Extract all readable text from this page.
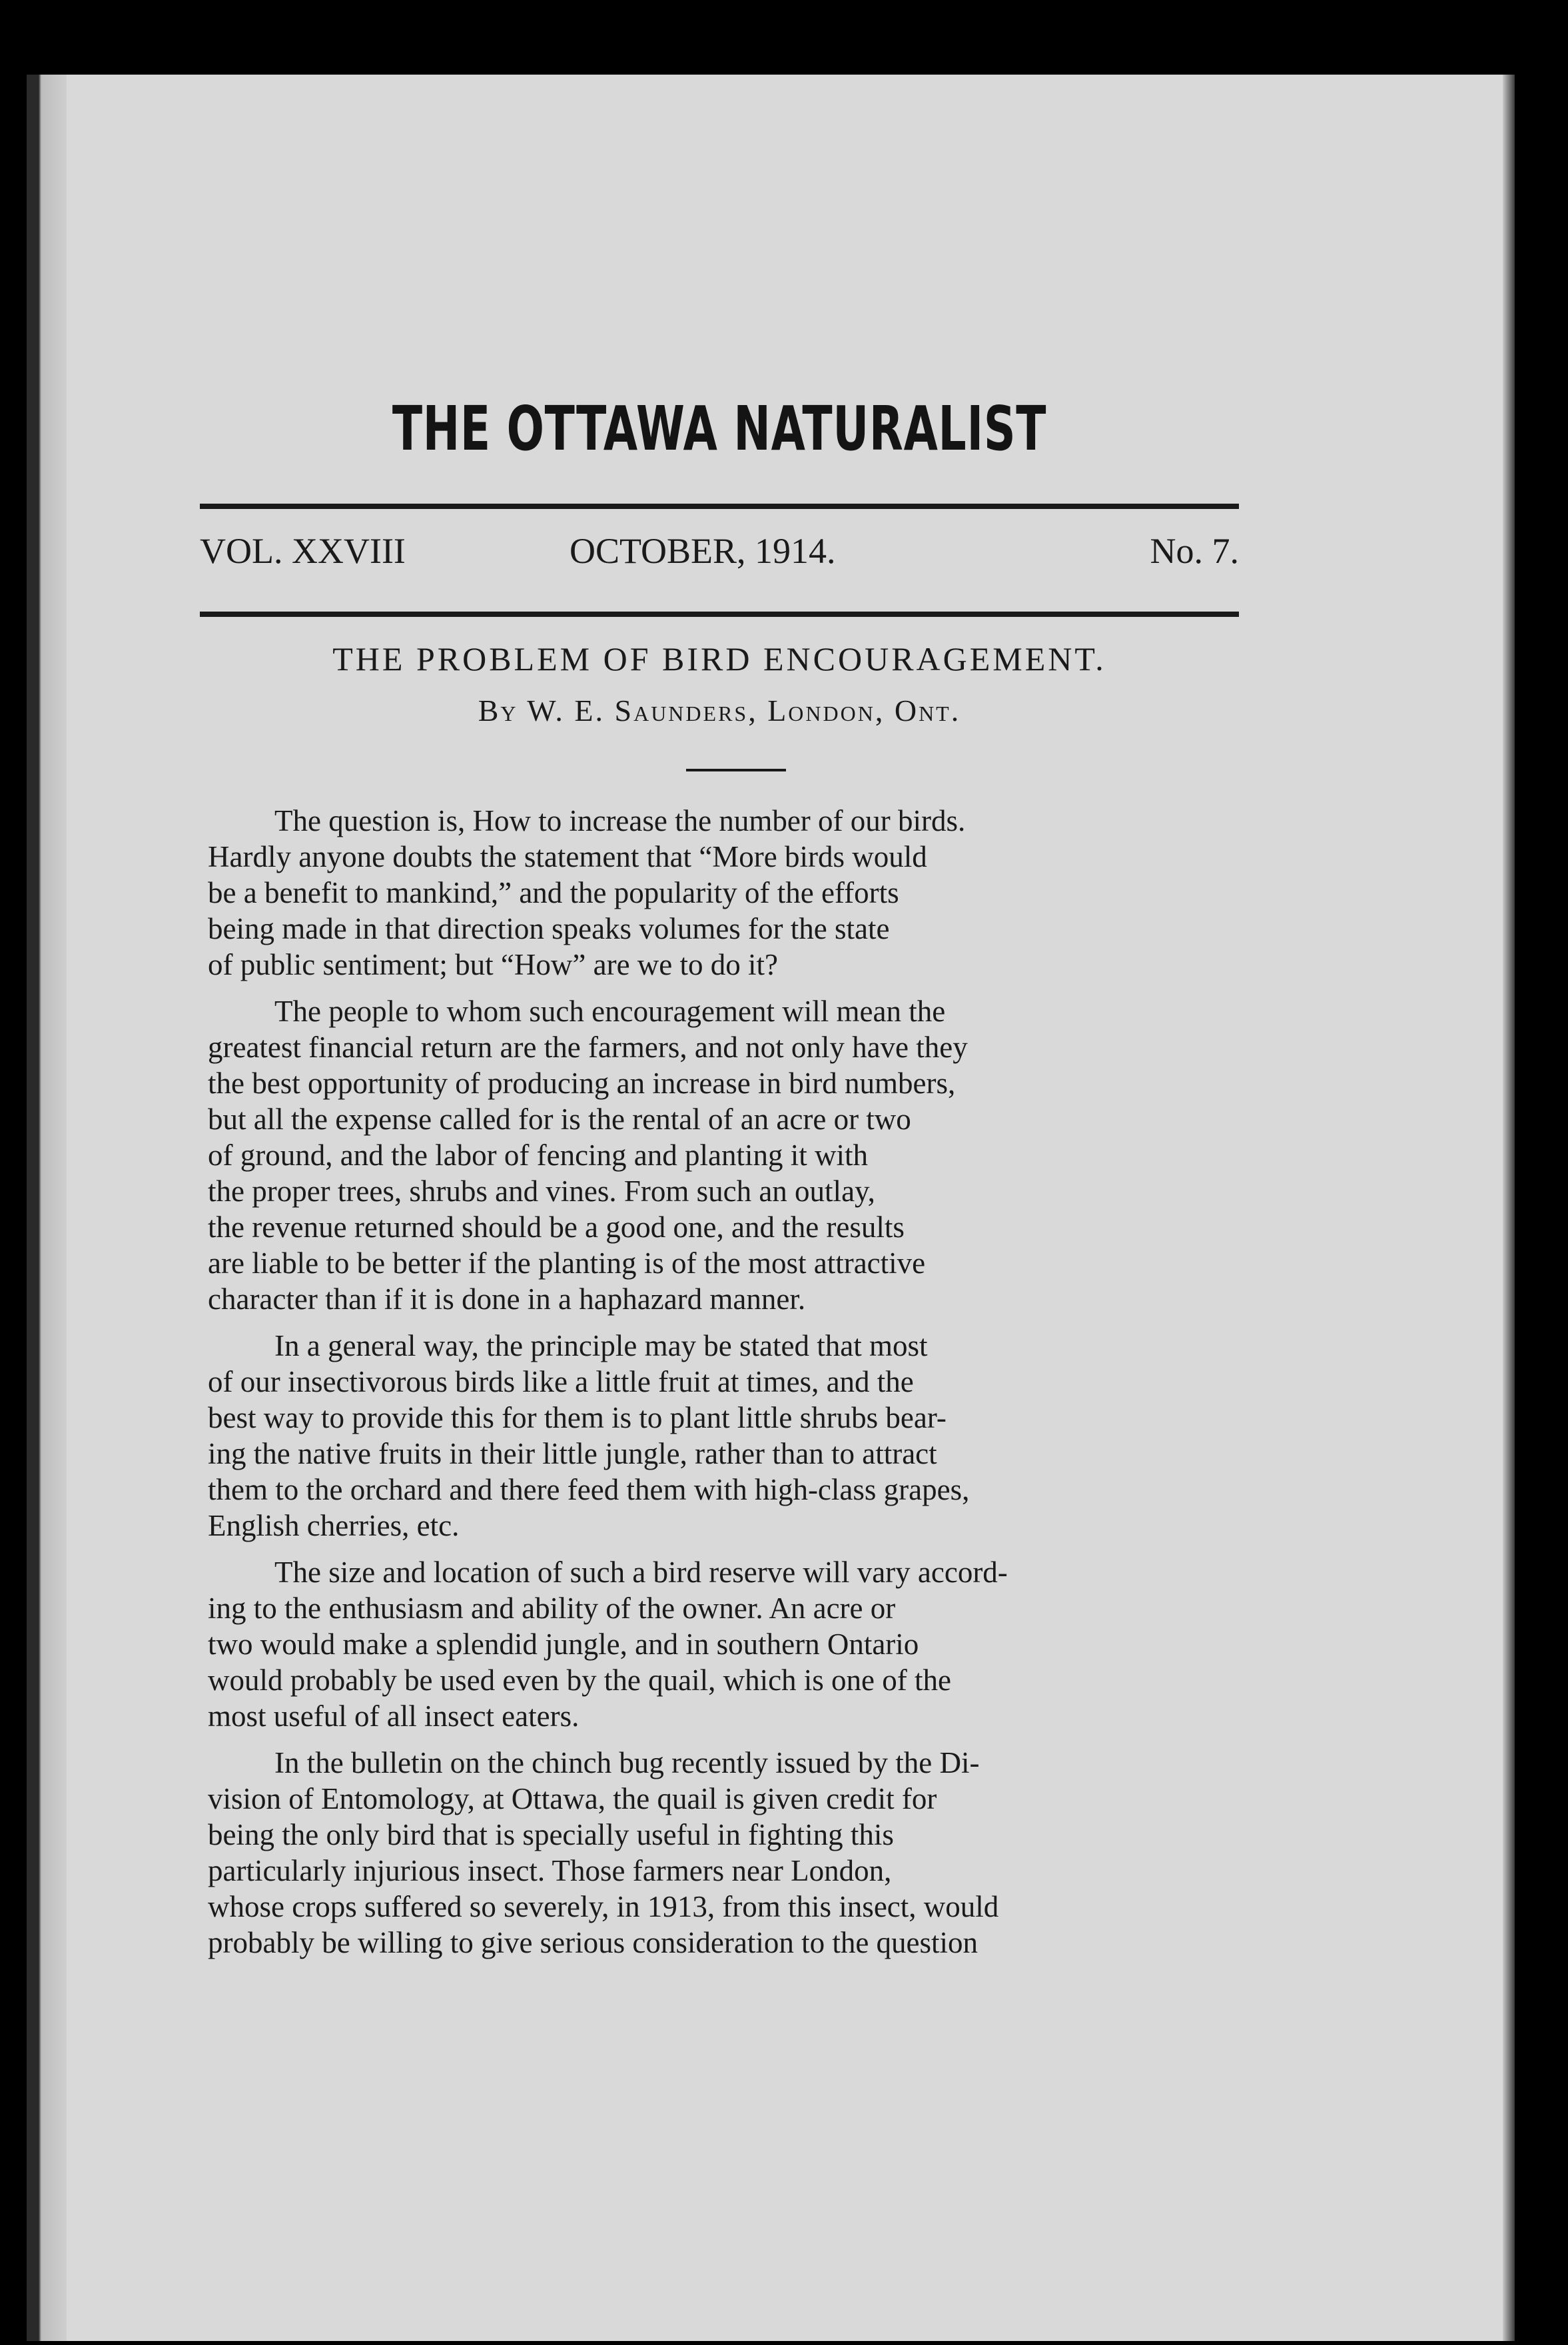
THE OTTAWA NATURALIST
VOL. XXVIII	OCTOBER, 1914.	No. 7.
THE PROBLEM OF BIRD ENCOURAGEMENT.
By W. E. Saunders, London, Ont.

The question is, How to increase the number of our birds.
Hardly anyone doubts the statement that “More birds would
be a benefit to mankind,” and the popularity of the efforts
being made in that direction speaks volumes for the state
of public sentiment; but “How” are we to do it?

The people to whom such encouragement will mean the
greatest financial return are the farmers, and not only have they
the best opportunity of producing an increase in bird numbers,
but all the expense called for is the rental of an acre or two
of ground, and the labor of fencing and planting it with
the proper trees, shrubs and vines. From such an outlay,
the revenue returned should be a good one, and the results
are liable to be better if the planting is of the most attractive
character than if it is done in a haphazard manner.

In a general way, the principle may be stated that most
of our insectivorous birds like a little fruit at times, and the
best way to provide this for them is to plant little shrubs bear-
ing the native fruits in their little jungle, rather than to attract
them to the orchard and there feed them with high-class grapes,
English cherries, etc.

The size and location of such a bird reserve will vary accord-
ing to the enthusiasm and ability of the owner. An acre or
two would make a splendid jungle, and in southern Ontario
would probably be used even by the quail, which is one of the
most useful of all insect eaters.

In the bulletin on the chinch bug recently issued by the Di-
vision of Entomology, at Ottawa, the quail is given credit for
being the only bird that is specially useful in fighting this
particularly injurious insect. Those farmers near London,
whose crops suffered so severely, in 1913, from this insect, would
probably be willing to give serious consideration to the question
